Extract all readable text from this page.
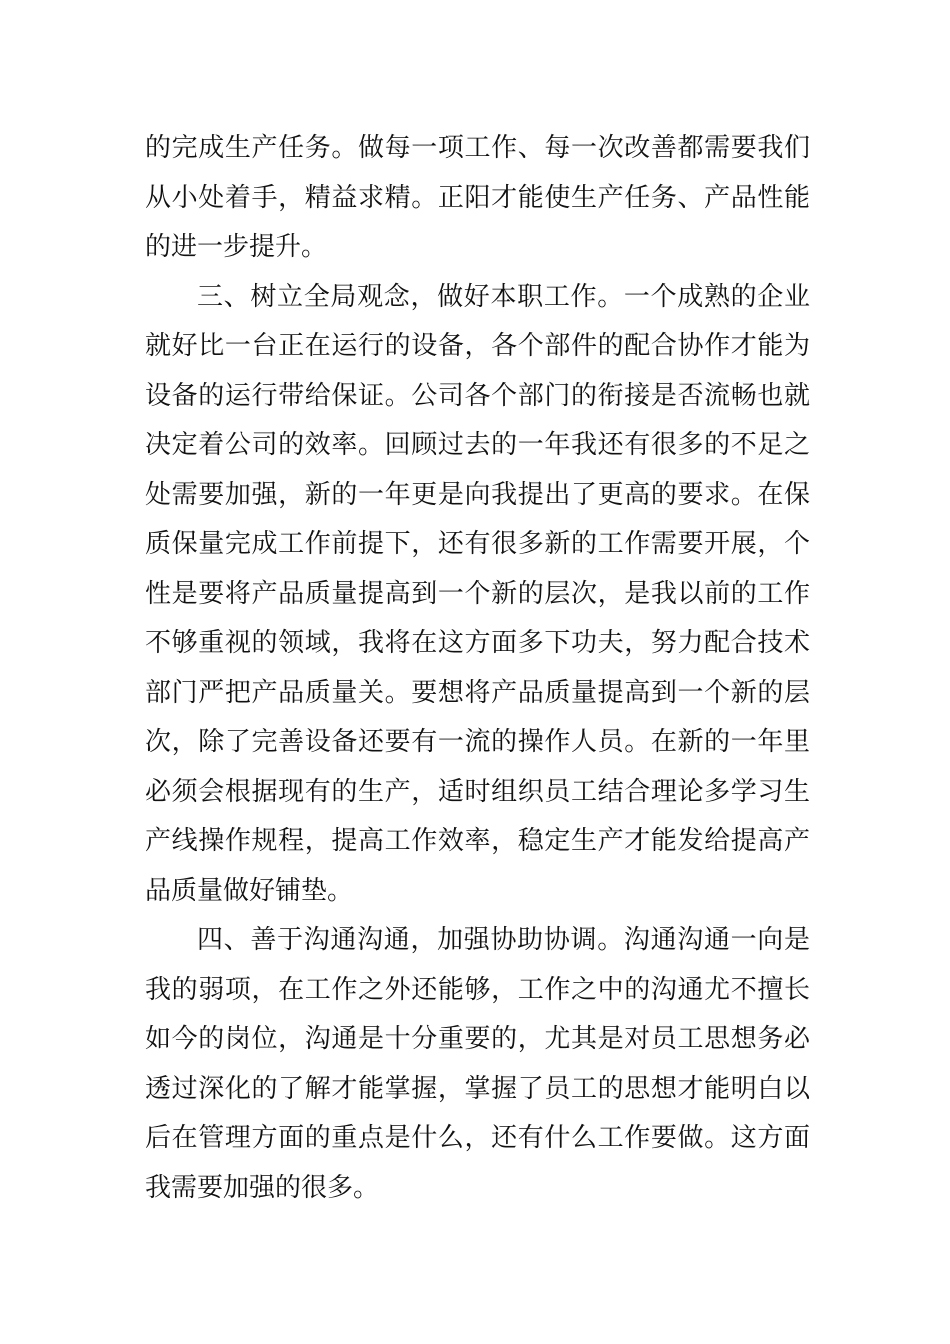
的完成生产任务。做每一项工作、每一次改善都需要我们
从小处着手，精益求精。正阳才能使生产任务、产品性能
的进一步提升。
三、树立全局观念，做好本职工作。一个成熟的企业
就好比一台正在运行的设备，各个部件的配合协作才能为
设备的运行带给保证。公司各个部门的衔接是否流畅也就
决定着公司的效率。回顾过去的一年我还有很多的不足之
处需要加强，新的一年更是向我提出了更高的要求。在保
质保量完成工作前提下，还有很多新的工作需要开展，个
性是要将产品质量提高到一个新的层次，是我以前的工作
不够重视的领域，我将在这方面多下功夫，努力配合技术
部门严把产品质量关。要想将产品质量提高到一个新的层
次，除了完善设备还要有一流的操作人员。在新的一年里
必须会根据现有的生产，适时组织员工结合理论多学习生
产线操作规程，提高工作效率，稳定生产才能发给提高产
品质量做好铺垫。
四、善于沟通沟通，加强协助协调。沟通沟通一向是
我的弱项，在工作之外还能够，工作之中的沟通尤不擅长
如今的岗位，沟通是十分重要的，尤其是对员工思想务必
透过深化的了解才能掌握，掌握了员工的思想才能明白以
后在管理方面的重点是什么，还有什么工作要做。这方面
我需要加强的很多。
